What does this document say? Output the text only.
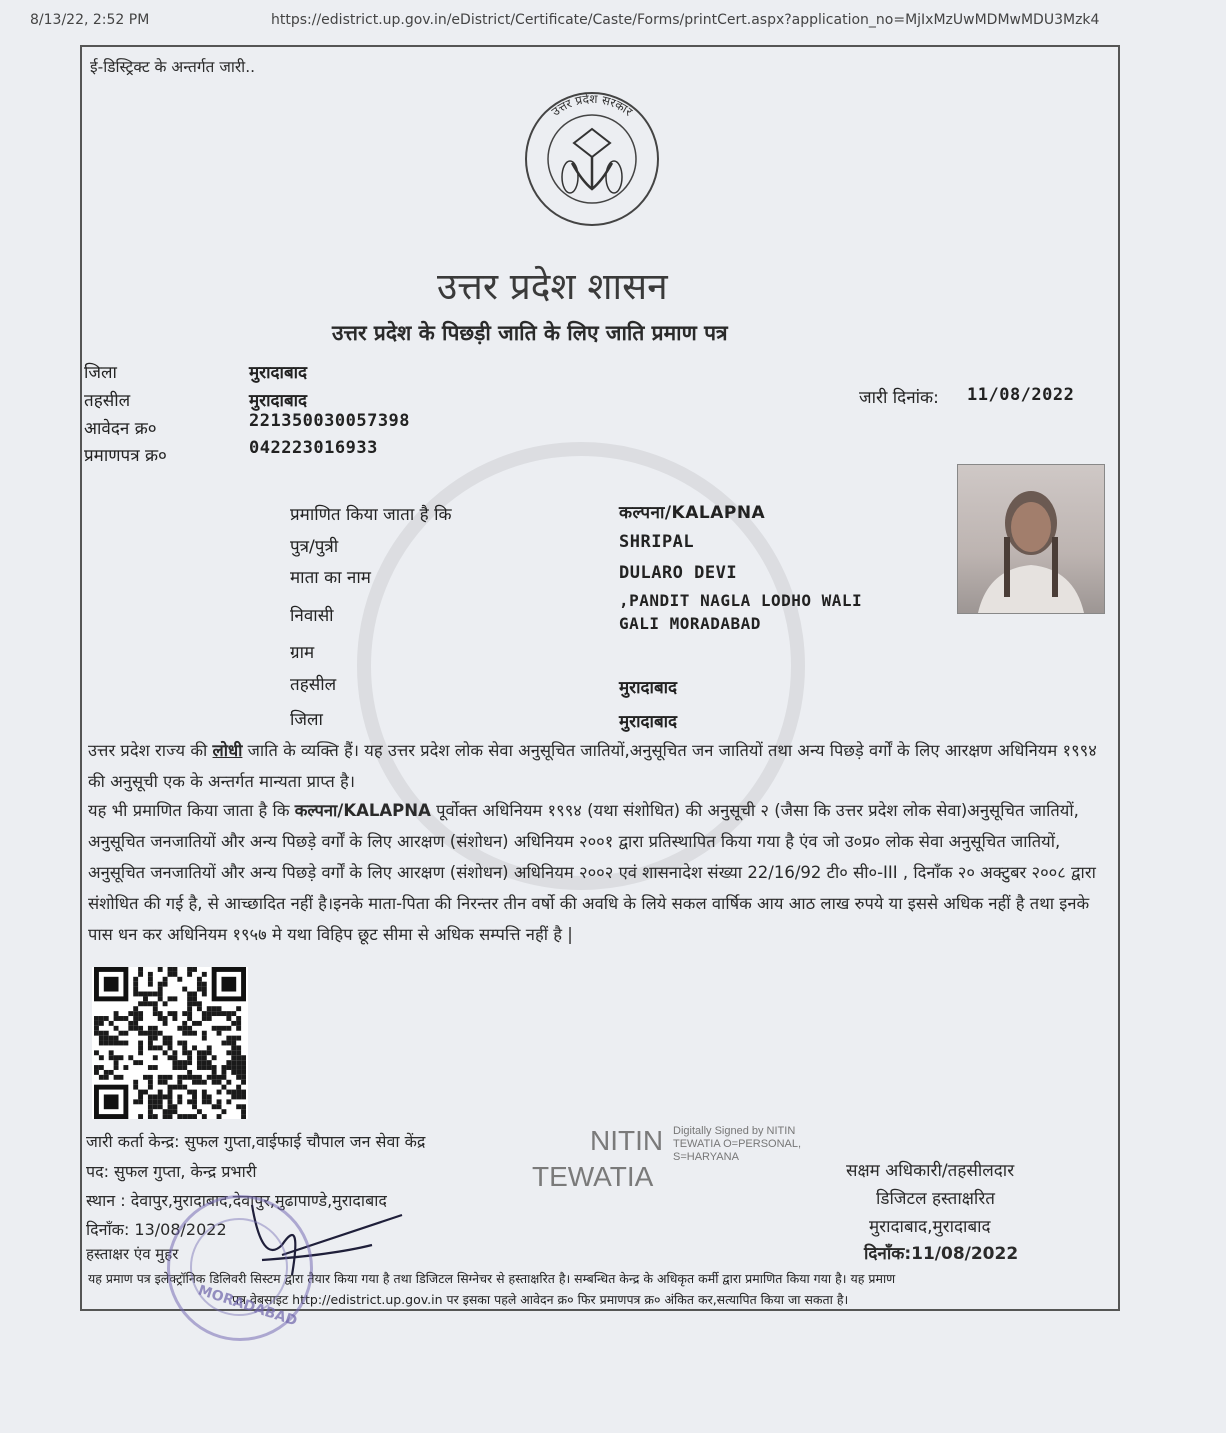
8/13/22, 2:52 PM	https://edistrict.up.gov.in/eDistrict/Certificate/Caste/Forms/printCert.aspx?application_no=MjIxMzUwMDMwMDU3Mzk4
ई-डिस्ट्रिक्ट के अन्तर्गत जारी..
उत्तर प्रदेश सरकार
उत्तर प्रदेश शासन
उत्तर प्रदेश के पिछड़ी जाति के लिए जाति प्रमाण पत्र
जिला	मुरादाबाद
तहसील	मुरादाबाद
आवेदन क्र०	221350030057398
प्रमाणपत्र क्र०	042223016933
जारी दिनांक: 11/08/2022
प्रमाणित किया जाता है कि	कल्पना/KALAPNA
पुत्र/पुत्री	SHRIPAL
माता का नाम	DULARO DEVI
निवासी
,PANDIT NAGLA LODHO WALI
GALI MORADABAD
ग्राम
तहसील	मुरादाबाद
जिला	मुरादाबाद
उत्तर प्रदेश राज्य की लोधी जाति के व्यक्ति हैं। यह उत्तर प्रदेश लोक सेवा अनुसूचित जातियों,अनुसूचित जन जातियों तथा अन्य पिछड़े वर्गों के लिए आरक्षण अधिनियम १९९४ की अनुसूची एक के अन्तर्गत मान्यता प्राप्त है।
यह भी प्रमाणित किया जाता है कि कल्पना/KALAPNA पूर्वोक्त अधिनियम १९९४ (यथा संशोधित) की अनुसूची २ (जैसा कि उत्तर प्रदेश लोक सेवा)अनुसूचित जातियों, अनुसूचित जनजातियों और अन्य पिछड़े वर्गों के लिए आरक्षण (संशोधन) अधिनियम २००१ द्वारा प्रतिस्थापित किया गया है एंव जो उ०प्र० लोक सेवा अनुसूचित जातियों, अनुसूचित जनजातियों और अन्य पिछड़े वर्गों के लिए आरक्षण (संशोधन) अधिनियम २००२ एवं शासनादेश संख्या 22/16/92 टी० सी०-III , दिनाँक २० अक्टुबर २००८ द्वारा संशोधित की गई है, से आच्छादित नहीं है।इनके माता-पिता की निरन्तर तीन वर्षो की अवधि के लिये सकल वार्षिक आय आठ लाख रुपये या इससे अधिक नहीं है तथा इनके पास धन कर अधिनियम १९५७ मे यथा विहिप छूट सीमा से अधिक सम्पत्ति नहीं है |
जारी कर्ता केन्द्र: सुफल गुप्ता,वाईफाई चौपाल जन सेवा केंद्र
पद: सुफल गुप्ता, केन्द्र प्रभारी
स्थान : देवापुर,मुरादाबाद,देवापुर,मुढापाण्डे,मुरादाबाद
दिनाँक: 13/08/2022
हस्ताक्षर एंव मुहर
NITIN
TEWATIA
Digitally Signed by NITIN
TEWATIA O=PERSONAL,
S=HARYANA
सक्षम अधिकारी/तहसीलदार
डिजिटल हस्ताक्षरित
मुरादाबाद,मुरादाबाद
दिनाँक:11/08/2022
यह प्रमाण पत्र इलेक्ट्रॉनिक डिलिवरी सिस्टम द्वारा तैयार किया गया है तथा डिजिटल सिग्नेचर से हस्ताक्षरित है। सम्बन्धित केन्द्र के अधिकृत कर्मी द्वारा प्रमाणित किया गया है। यह प्रमाण
पत्र वेबसाइट http://edistrict.up.gov.in पर इसका पहले आवेदन क्र० फिर प्रमाणपत्र क्र० अंकित कर,सत्यापित किया जा सकता है।
MORADABAD
